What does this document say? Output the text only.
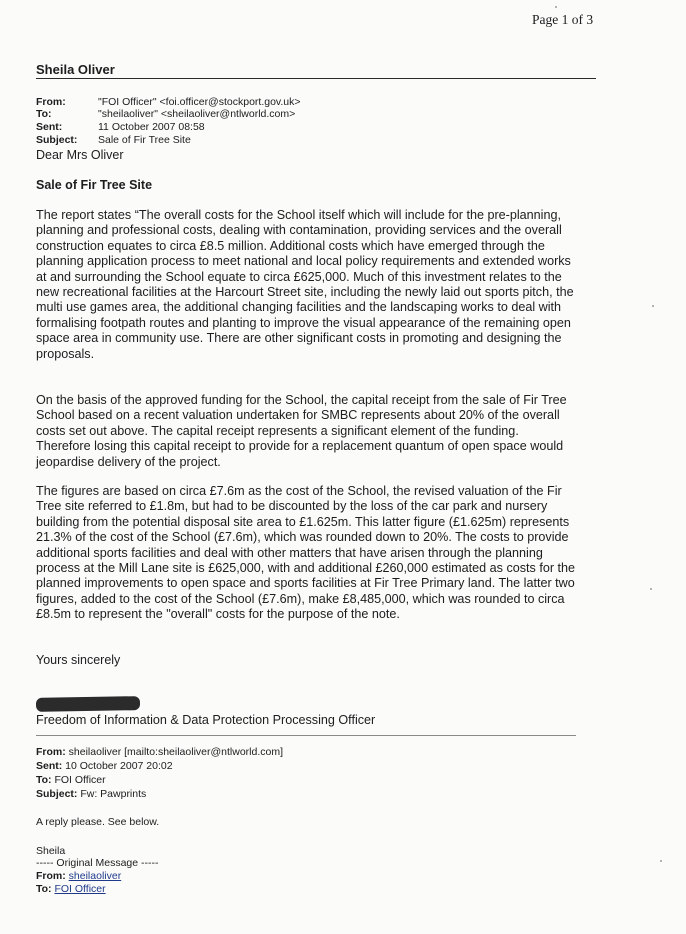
Page 1 of 3
Sheila Oliver
From:	"FOI Officer" <foi.officer@stockport.gov.uk>
To:	"sheilaoliver" <sheilaoliver@ntlworld.com>
Sent:	11 October 2007 08:58
Subject: Sale of Fir Tree Site
Dear Mrs Oliver
Sale of Fir Tree Site

The report states “The overall costs for the School itself which will include for the pre-planning, planning and professional costs, dealing with contamination, providing services and the overall construction equates to circa £8.5 million. Additional costs which have emerged through the planning application process to meet national and local policy requirements and extended works at and surrounding the School equate to circa £625,000. Much of this investment relates to the new recreational facilities at the Harcourt Street site, including the newly laid out sports pitch, the multi use games area, the additional changing facilities and the landscaping works to deal with formalising footpath routes and planting to improve the visual appearance of the remaining open space area in community use. There are other significant costs in promoting and designing the proposals.

On the basis of the approved funding for the School, the capital receipt from the sale of Fir Tree School based on a recent valuation undertaken for SMBC represents about 20% of the overall costs set out above. The capital receipt represents a significant element of the funding. Therefore losing this capital receipt to provide for a replacement quantum of open space would jeopardise delivery of the project.

The figures are based on circa £7.6m as the cost of the School, the revised valuation of the Fir Tree site referred to £1.8m, but had to be discounted by the loss of the car park and nursery building from the potential disposal site area to £1.625m. This latter figure (£1.625m) represents 21.3% of the cost of the School (£7.6m), which was rounded down to 20%. The costs to provide additional sports facilities and deal with other matters that have arisen through the planning process at the Mill Lane site is £625,000, with and additional £260,000 estimated as costs for the planned improvements to open space and sports facilities at Fir Tree Primary land. The latter two figures, added to the cost of the School (£7.6m), make £8,485,000, which was rounded to circa £8.5m to represent the "overall" costs for the purpose of the note.

Yours sincerely
Freedom of Information & Data Protection Processing Officer
From: sheilaoliver [mailto:sheilaoliver@ntlworld.com]
Sent: 10 October 2007 20:02
To: FOI Officer
Subject: Fw: Pawprints
A reply please. See below.
Sheila
----- Original Message -----
From: sheilaoliver
To: FOI Officer
